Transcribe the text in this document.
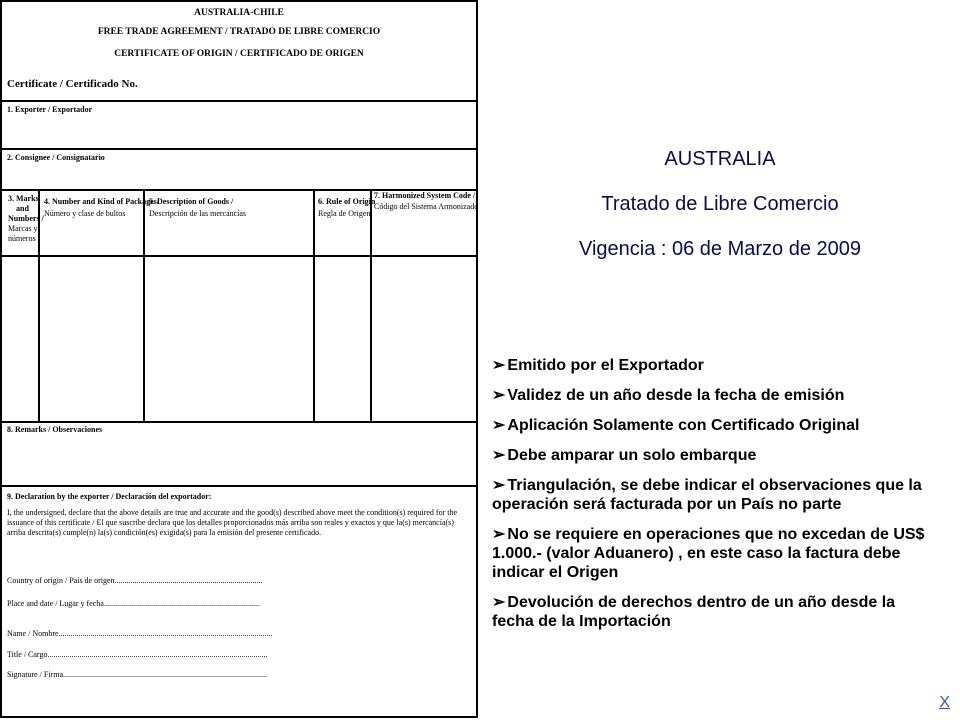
AUSTRALIA-CHILE
FREE TRADE AGREEMENT / TRATADO DE LIBRE COMERCIO
CERTIFICATE OF ORIGIN / CERTIFICADO DE ORIGEN
Certificate / Certificado No.
1. Exporter / Exportador
2. Consignee / Consignatario
3. Marks
and
Numbers /
Marcas y
números
4. Number and Kind of Packages/
Número y clase de bultos
5. Description of Goods /
Descripción de las mercancías
6. Rule of Origin
Regla de Origen
7. Harmonized System Code /
Código del Sistema Armonizado
8. Remarks / Observaciones
9. Declaration by the exporter / Declaración del exportador:
I, the undersigned, declare that the above details are true and accurate and the good(s) described above meet the condition(s) required for the issuance of this certificate / El que suscribe declara que los detalles proporcionados más arriba son reales y exactos y que la(s) mercancía(s) arriba descrita(s) cumple(n) la(s) condición(es) exigida(s) para la emisión del presente certificado.
Country of origin / País de origen..........................................................................
Place and date / Lugar y fecha..............................................................................
Name / Nombre...........................................................................................................
Title / Cargo..............................................................................................................
Signature / Firma......................................................................................................
AUSTRALIA
Tratado de Libre Comercio
Vigencia : 06 de Marzo de 2009
➢ Emitido por el Exportador
➢ Validez de un año desde la fecha de emisión
➢ Aplicación Solamente con Certificado Original
➢ Debe amparar un solo embarque
➢ Triangulación, se debe indicar el observaciones que la operación será facturada por un País no parte
➢ No se requiere en operaciones que no excedan de US$ 1.000.- (valor Aduanero) , en este caso la factura debe indicar el Origen
➢ Devolución de derechos dentro de un año desde la fecha de la Importación
X
